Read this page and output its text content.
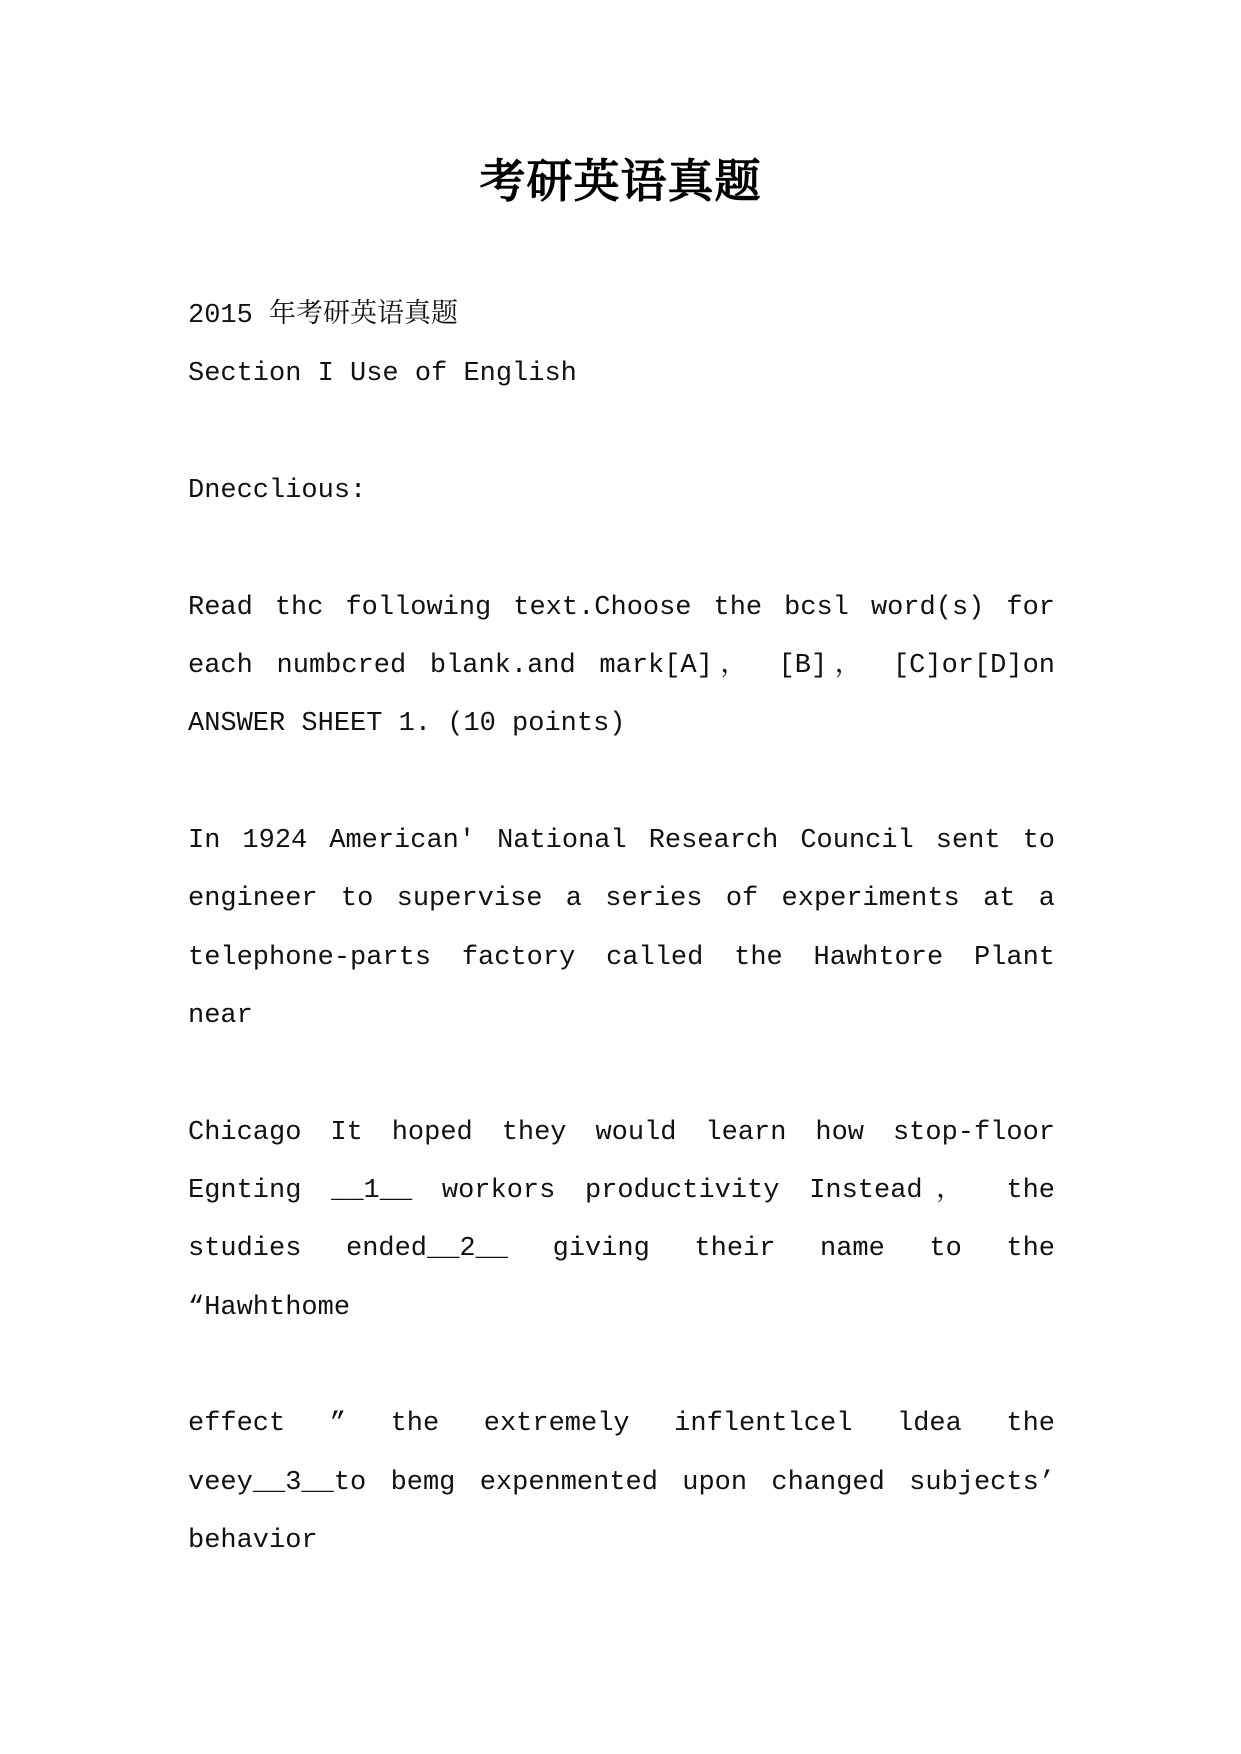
考研英语真题
2015 年考研英语真题
Section I Use of English
Dnecclious:
Read thc following text.Choose the bcsl word(s) for
each numbcred blank.and mark[A]， [B]， [C]or[D]on
ANSWER SHEET 1. (10 points)
In 1924 American' National Research Council sent to
engineer to supervise a series of experiments at a
telephone-parts factory called the Hawhtore Plant
near
Chicago It hoped they would learn how stop-floor
Egnting __1__ workors productivity Instead， the
studies ended__2__ giving their name to the
“Hawhthome
effect ” the extremely inflentlcel ldea the
veey__3__to bemg expenmented upon changed subjects’
behavior
